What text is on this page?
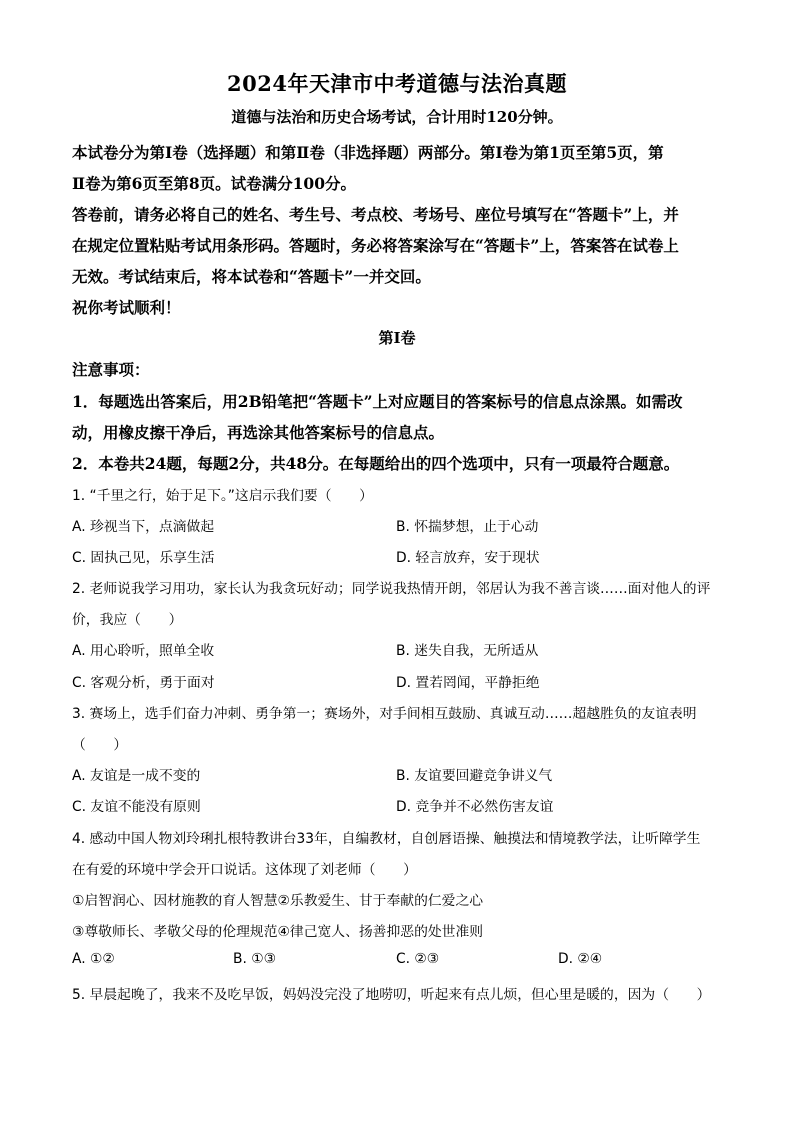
2024年天津市中考道德与法治真题
道德与法治和历史合场考试，合计用时120分钟。
本试卷分为第Ⅰ卷（选择题）和第Ⅱ卷（非选择题）两部分。第Ⅰ卷为第1页至第5页，第
Ⅱ卷为第6页至第8页。试卷满分100分。
答卷前，请务必将自己的姓名、考生号、考点校、考场号、座位号填写在“答题卡”上，并
在规定位置粘贴考试用条形码。答题时，务必将答案涂写在“答题卡”上，答案答在试卷上
无效。考试结束后，将本试卷和“答题卡”一并交回。
祝你考试顺利！
第Ⅰ卷
注意事项：
1．每题选出答案后，用2B铅笔把“答题卡”上对应题目的答案标号的信息点涂黑。如需改
动，用橡皮擦干净后，再选涂其他答案标号的信息点。
2．本卷共24题，每题2分，共48分。在每题给出的四个选项中，只有一项最符合题意。
1. “千里之行，始于足下。”这启示我们要（　　）
A. 珍视当下，点滴做起	B. 怀揣梦想，止于心动
C. 固执己见，乐享生活	D. 轻言放弃，安于现状
2. 老师说我学习用功，家长认为我贪玩好动；同学说我热情开朗，邻居认为我不善言谈……面对他人的评
价，我应（　　）
A. 用心聆听，照单全收	B. 迷失自我，无所适从
C. 客观分析，勇于面对	D. 置若罔闻，平静拒绝
3. 赛场上，选手们奋力冲刺、勇争第一；赛场外，对手间相互鼓励、真诚互动……超越胜负的友谊表明
（　　）
A. 友谊是一成不变的	B. 友谊要回避竞争讲义气
C. 友谊不能没有原则	D. 竞争并不必然伤害友谊
4. 感动中国人物刘玲琍扎根特教讲台33年，自编教材，自创唇语操、触摸法和情境教学法，让听障学生
在有爱的环境中学会开口说话。这体现了刘老师（　　）
①启智润心、因材施教的育人智慧②乐教爱生、甘于奉献的仁爱之心
③尊敬师长、孝敬父母的伦理规范④律己宽人、扬善抑恶的处世准则
A. ①②	B. ①③	C. ②③	D. ②④
5. 早晨起晚了，我来不及吃早饭，妈妈没完没了地唠叨，听起来有点儿烦，但心里是暖的，因为（　　）
